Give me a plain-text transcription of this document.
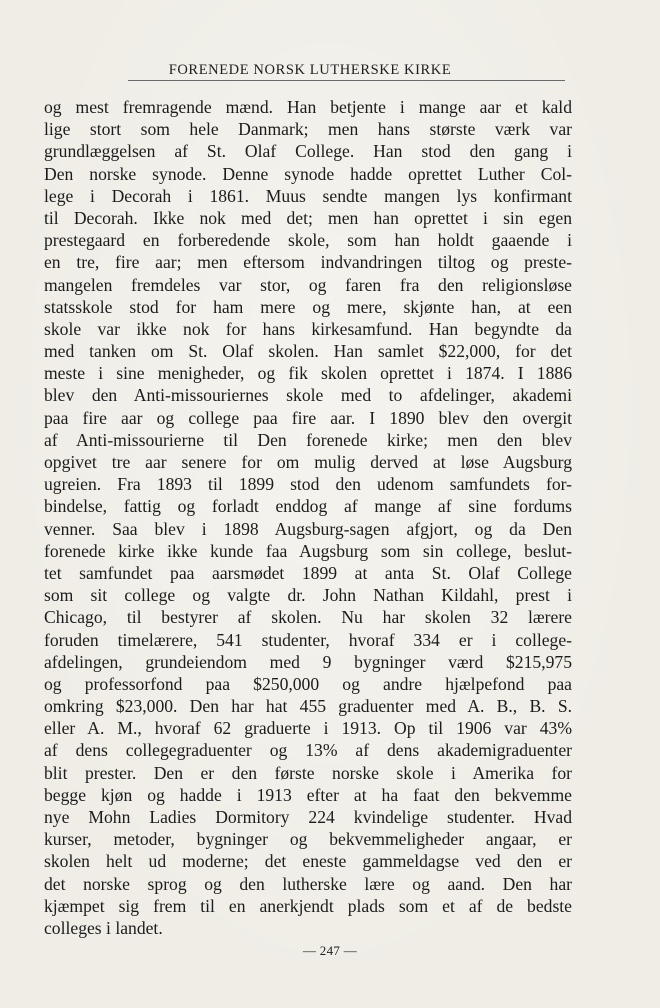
FORENEDE NORSK LUTHERSKE KIRKE
og mest fremragende mænd. Han betjente i mange aar et kald
lige stort som hele Danmark; men hans største værk var
grundlæggelsen af St. Olaf College. Han stod den gang i
Den norske synode. Denne synode hadde oprettet Luther Col-
lege i Decorah i 1861. Muus sendte mangen lys konfirmant
til Decorah. Ikke nok med det; men han oprettet i sin egen
prestegaard en forberedende skole, som han holdt gaaende i
en tre, fire aar; men eftersom indvandringen tiltog og preste-
mangelen fremdeles var stor, og faren fra den religionsløse
statsskole stod for ham mere og mere, skjønte han, at een
skole var ikke nok for hans kirkesamfund. Han begyndte da
med tanken om St. Olaf skolen. Han samlet $22,000, for det
meste i sine menigheder, og fik skolen oprettet i 1874. I 1886
blev den Anti-missouriernes skole med to afdelinger, akademi
paa fire aar og college paa fire aar. I 1890 blev den overgit
af Anti-missourierne til Den forenede kirke; men den blev
opgivet tre aar senere for om mulig derved at løse Augsburg
ugreien. Fra 1893 til 1899 stod den udenom samfundets for-
bindelse, fattig og forladt enddog af mange af sine fordums
venner. Saa blev i 1898 Augsburg-sagen afgjort, og da Den
forenede kirke ikke kunde faa Augsburg som sin college, beslut-
tet samfundet paa aarsmødet 1899 at anta St. Olaf College
som sit college og valgte dr. John Nathan Kildahl, prest i
Chicago, til bestyrer af skolen. Nu har skolen 32 lærere
foruden timelærere, 541 studenter, hvoraf 334 er i college-
afdelingen, grundeiendom med 9 bygninger værd $215,975
og professorfond paa $250,000 og andre hjælpefond paa
omkring $23,000. Den har hat 455 graduenter med A. B., B. S.
eller A. M., hvoraf 62 graduerte i 1913. Op til 1906 var 43%
af dens collegegraduenter og 13% af dens akademigraduenter
blit prester. Den er den første norske skole i Amerika for
begge kjøn og hadde i 1913 efter at ha faat den bekvemme
nye Mohn Ladies Dormitory 224 kvindelige studenter. Hvad
kurser, metoder, bygninger og bekvemmeligheder angaar, er
skolen helt ud moderne; det eneste gammeldagse ved den er
det norske sprog og den lutherske lære og aand. Den har
kjæmpet sig frem til en anerkjendt plads som et af de bedste
colleges i landet.
— 247 —
